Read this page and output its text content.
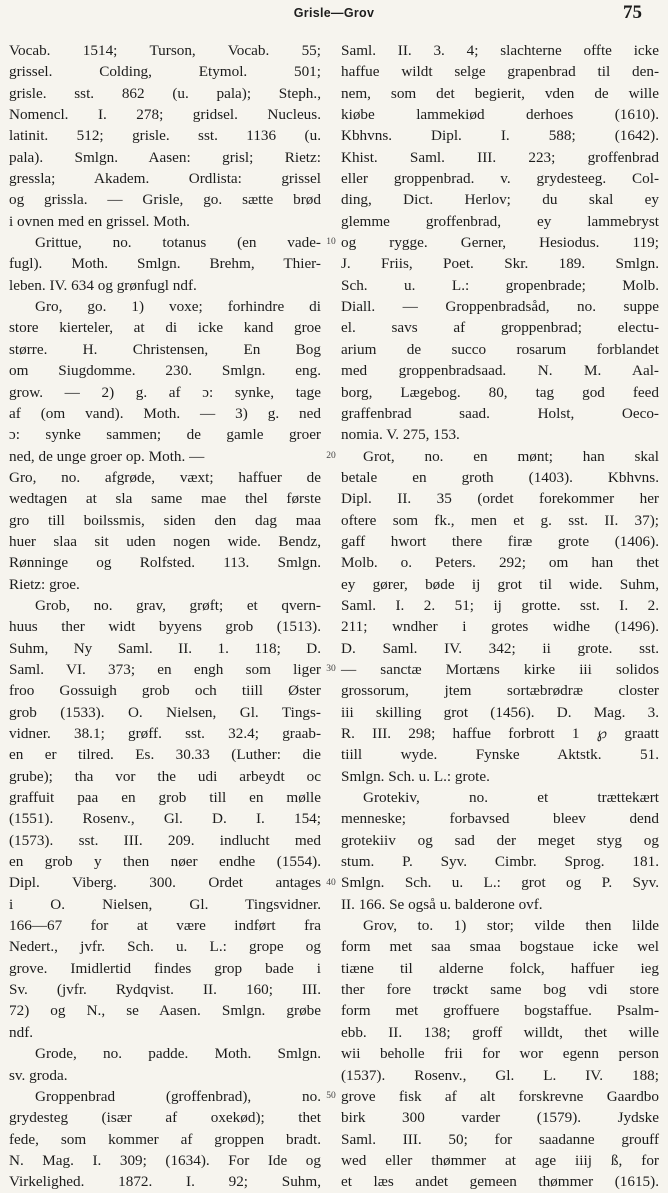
Grisle—Grov	75
Vocab. 1514; Turson, Vocab. 55;
grissel. Colding, Etymol. 501;
grisle. sst. 862 (u. pala); Steph.,
Nomencl. I. 278; gridsel. Nucleus.
latinit. 512; grisle. sst. 1136 (u.
pala). Smlgn. Aasen: grisl; Rietz:
gressla; Akadem. Ordlista: grissel
og grissla. — Grisle, go. sætte brød
i ovnen med en grissel. Moth.
Grittue, no. totanus (en vade-
fugl). Moth. Smlgn. Brehm, Thier-
leben. IV. 634 og grønfugl ndf.
Gro, go. 1) voxe; forhindre di
store kierteler, at di icke kand groe
større. H. Christensen, En Bog
om Siugdomme. 230. Smlgn. eng.
grow. — 2) g. af ɔ: synke, tage
af (om vand). Moth. — 3) g. ned
ɔ: synke sammen; de gamle groer
ned, de unge groer op. Moth. —
Gro, no. afgrøde, væxt; haffuer de
wedtagen at sla same mae thel første
gro till boilssmis, siden den dag maa
huer slaa sit uden nogen wide. Bendz,
Rønninge og Rolfsted. 113. Smlgn.
Rietz: groe.
Grob, no. grav, grøft; et qvern-
huus ther widt byyens grob (1513).
Suhm, Ny Saml. II. 1. 118; D.
Saml. VI. 373; en engh som liger
froo Gossuigh grob och tiill Øster
grob (1533). O. Nielsen, Gl. Tings-
vidner. 38.1; grøff. sst. 32.4; graab-
en er tilred. Es. 30.33 (Luther: die
grube); tha vor the udi arbeydt oc
graffuit paa en grob till en mølle
(1551). Rosenv., Gl. D. I. 154;
(1573). sst. III. 209. indlucht med
en grob y then nøer endhe (1554).
Dipl. Viberg. 300. Ordet antages
i O. Nielsen, Gl. Tingsvidner.
166—67 for at være indført fra
Nedert., jvfr. Sch. u. L.: grope og
grove. Imidlertid findes grop bade i
Sv. (jvfr. Rydqvist. II. 160; III.
72) og N., se Aasen. Smlgn. grøbe
ndf.
Grode, no. padde. Moth. Smlgn.
sv. groda.
Groppenbrad (groffenbrad), no.
grydesteg (især af oxekød); thet
fede, som kommer af groppen bradt.
N. Mag. I. 309; (1634). For Ide og
Virkelighed. 1872. I. 92; Suhm,
10
20
30
40
50
Saml. II. 3. 4; slachterne offte icke
haffue wildt selge grapenbrad til den-
nem, som det begierit, vden de wille
kiøbe lammekiød derhoes (1610).
Kbhvns. Dipl. I. 588; (1642).
Khist. Saml. III. 223; groffenbrad
eller groppenbrad. v. grydesteeg. Col-
ding, Dict. Herlov; du skal ey
glemme groffenbrad, ey lammebryst
og rygge. Gerner, Hesiodus. 119;
J. Friis, Poet. Skr. 189. Smlgn.
Sch. u. L.: gropenbrade; Molb.
Diall. — Groppenbradsåd, no. suppe
el. savs af groppenbrad; electu-
arium de succo rosarum forblandet
med groppenbradsaad. N. M. Aal-
borg, Lægebog. 80, tag god feed
graffenbrad saad. Holst, Oeco-
nomia. V. 275, 153.
Grot, no. en mønt; han skal
betale en groth (1403). Kbhvns.
Dipl. II. 35 (ordet forekommer her
oftere som fk., men et g. sst. II. 37);
gaff hwort there firæ grote (1406).
Molb. o. Peters. 292; om han thet
ey gører, bøde ij grot til wide. Suhm,
Saml. I. 2. 51; ij grotte. sst. I. 2.
211; wndher i grotes widhe (1496).
D. Saml. IV. 342; ii grote. sst.
— sanctæ Mortæns kirke iii solidos
grossorum, jtem sortæbrødræ closter
iii skilling grot (1456). D. Mag. 3.
R. III. 298; haffue forbrott 1 ℘ graatt
tiill wyde. Fynske Aktstk. 51.
Smlgn. Sch. u. L.: grote.
Grotekiv, no. et trættekært
menneske; forbavsed bleev dend
grotekiiv og sad der meget styg og
stum. P. Syv. Cimbr. Sprog. 181.
Smlgn. Sch. u. L.: grot og P. Syv.
II. 166. Se også u. balderone ovf.
Grov, to. 1) stor; vilde then lilde
form met saa smaa bogstaue icke wel
tiæne til alderne folck, haffuer ieg
ther fore trøckt same bog vdi store
form met groffuere bogstaffue. Psalm-
ebb. II. 138; groff willdt, thet wille
wii beholle frii for wor egenn person
(1537). Rosenv., Gl. L. IV. 188;
grove fisk af alt forskrevne Gaardbo
birk 300 varder (1579). Jydske
Saml. III. 50; for saadanne grouff
wed eller thømmer at age iiij ß, for
et læs andet gemeen thømmer (1615).
